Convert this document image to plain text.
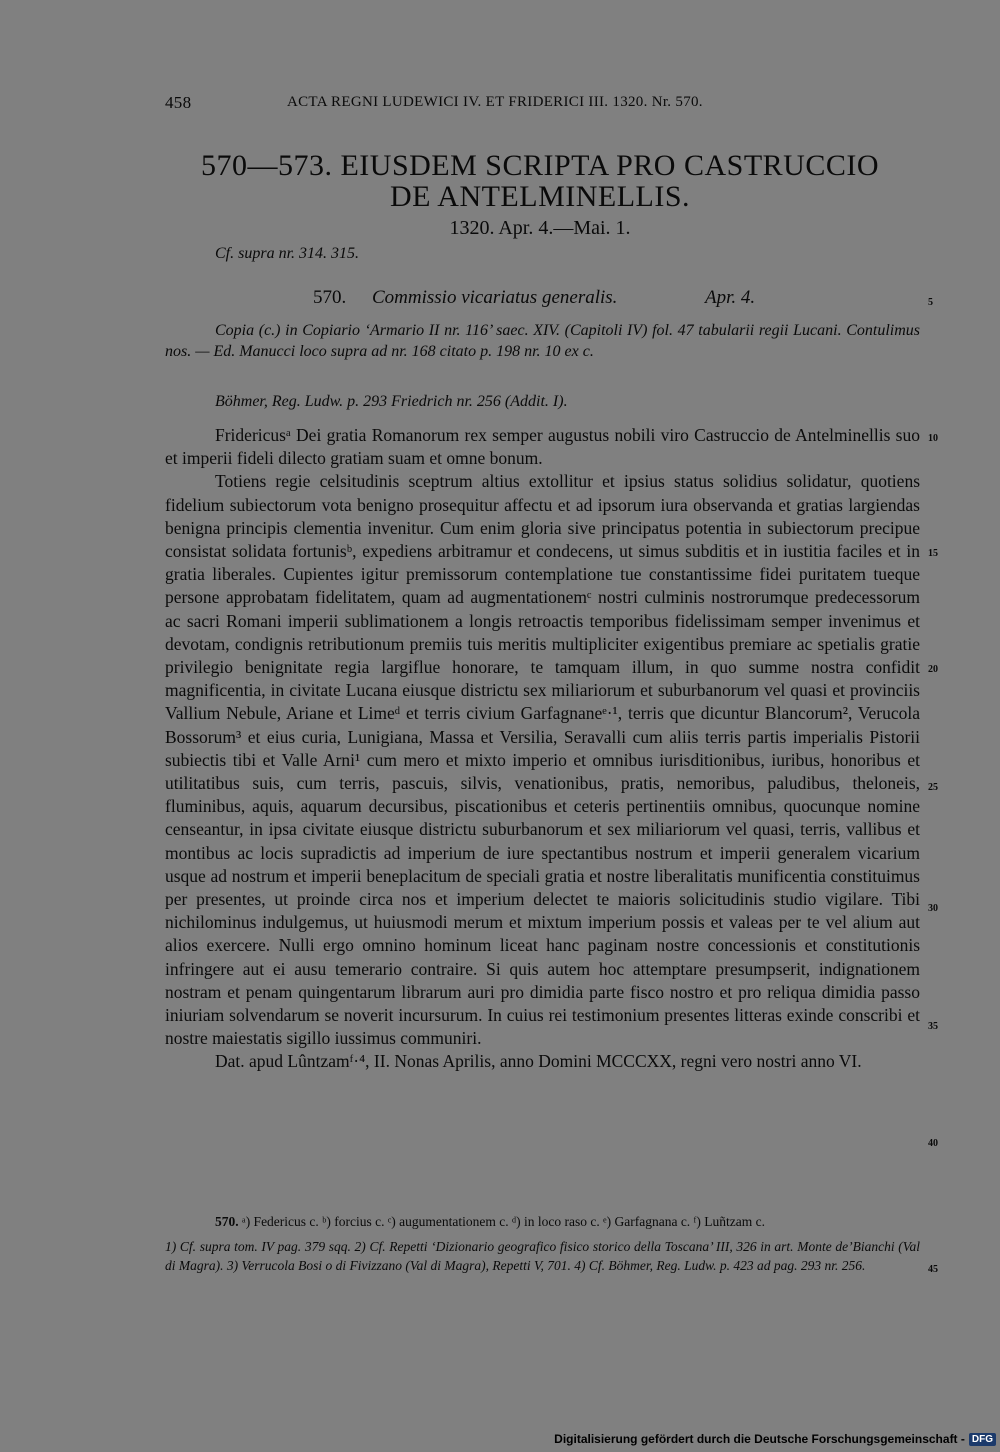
458	ACTA REGNI LUDEWICI IV. ET FRIDERICI III. 1320. Nr. 570.
570—573. EIUSDEM SCRIPTA PRO CASTRUCCIO
DE ANTELMINELLIS.
1320. Apr. 4.—Mai. 1.
Cf. supra nr. 314. 315.
570. Commissio vicariatus generalis.	Apr. 4.	5
10
15
20
25
30
35
40
45
Copia (c.) in Copiario ‘Armario II nr. 116’ saec. XIV. (Capitoli IV) fol. 47 tabularii regii Lucani. Contulimus nos. — Ed. Manucci loco supra ad nr. 168 citato p. 198 nr. 10 ex c.
Böhmer, Reg. Ludw. p. 293 Friedrich nr. 256 (Addit. I).

Fridericusᵃ Dei gratia Romanorum rex semper augustus nobili viro Castruccio de Antelminellis suo et imperii fideli dilecto gratiam suam et omne bonum.

Totiens regie celsitudinis sceptrum altius extollitur et ipsius status solidius solidatur, quotiens fidelium subiectorum vota benigno prosequitur affectu et ad ipsorum iura observanda et gratias largiendas benigna principis clementia invenitur. Cum enim gloria sive principatus potentia in subiectorum precipue consistat solidata fortunisᵇ, expediens arbitramur et condecens, ut simus subditis et in iustitia faciles et in gratia liberales. Cupientes igitur premissorum contemplatione tue constantissime fidei puritatem tueque persone approbatam fidelitatem, quam ad augmentationemᶜ nostri culminis nostrorumque predecessorum ac sacri Romani imperii sublimationem a longis retroactis temporibus fidelissimam semper invenimus et devotam, condignis retributionum premiis tuis meritis multipliciter exigentibus premiare ac spetialis gratie privilegio benignitate regia largiflue honorare, te tamquam illum, in quo summe nostra confidit magnificentia, in civitate Lucana eiusque districtu sex miliariorum et suburbanorum vel quasi et provinciis Vallium Nebule, Ariane et Limeᵈ et terris civium Garfagnaneᵉ·¹, terris que dicuntur Blancorum², Verucola Bossorum³ et eius curia, Lunigiana, Massa et Versilia, Seravalli cum aliis terris partis imperialis Pistorii subiectis tibi et Valle Arni¹ cum mero et mixto imperio et omnibus iurisditionibus, iuribus, honoribus et utilitatibus suis, cum terris, pascuis, silvis, venationibus, pratis, nemoribus, paludibus, theloneis, fluminibus, aquis, aquarum decursibus, piscationibus et ceteris pertinentiis omnibus, quocunque nomine censeantur, in ipsa civitate eiusque districtu suburbanorum et sex miliariorum vel quasi, terris, vallibus et montibus ac locis supradictis ad imperium de iure spectantibus nostrum et imperii generalem vicarium usque ad nostrum et imperii beneplacitum de speciali gratia et nostre liberalitatis munificentia constituimus per presentes, ut proinde circa nos et imperium delectet te maioris solicitudinis studio vigilare. Tibi nichilominus indulgemus, ut huiusmodi merum et mixtum imperium possis et valeas per te vel alium aut alios exercere. Nulli ergo omnino hominum liceat hanc paginam nostre concessionis et constitutionis infringere aut ei ausu temerario contraire. Si quis autem hoc attemptare presumpserit, indignationem nostram et penam quingentarum librarum auri pro dimidia parte fisco nostro et pro reliqua dimidia passo iniuriam solvendarum se noverit incursurum. In cuius rei testimonium presentes litteras exinde conscribi et nostre maiestatis sigillo iussimus communiri.

Dat. apud Lûntzamᶠ·⁴, II. Nonas Aprilis, anno Domini MCCCXX, regni vero nostri anno VI.

570. ᵃ) Federicus c. ᵇ) forcius c. ᶜ) augumentationem c. ᵈ) in loco raso c. ᵉ) Garfagnana c. ᶠ) Luñtzam c.

1) Cf. supra tom. IV pag. 379 sqq. 2) Cf. Repetti ‘Dizionario geografico fisico storico della Toscana’ III, 326 in art. Monte de’Bianchi (Val di Magra). 3) Verrucola Bosi o di Fivizzano (Val di Magra), Repetti V, 701. 4) Cf. Böhmer, Reg. Ludw. p. 423 ad pag. 293 nr. 256.

Digitalisierung gefördert durch die Deutsche Forschungsgemeinschaft - DFG
